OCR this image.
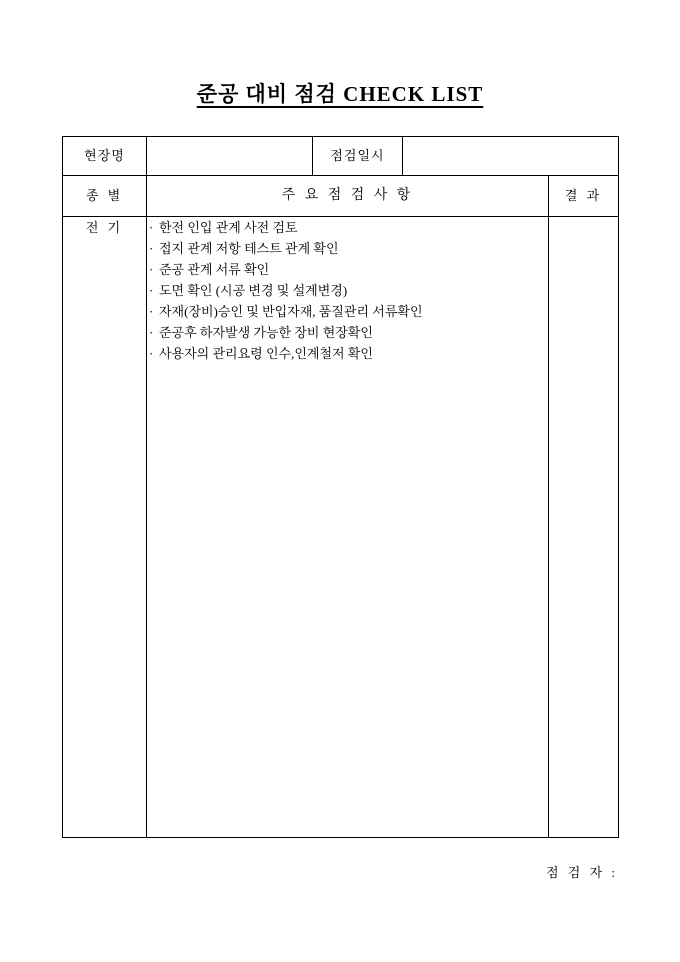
준공 대비 점검 CHECK LIST
현장명		점검일시		
종 별	주 요 점 검 사 항			결 과
전 기	
·한전 인입 관계 사전 검토
· 접지 관계 저항 테스트 관계 확인
· 준공 관계 서류 확인
· 도면 확인 (시공 변경 및 설계변경)
· 자재(장비)승인 및 반입자재, 품질관리 서류확인
· 준공후 하자발생 가능한 장비 현장확인
· 사용자의 관리요령 인수,인계철저 확인

점 검 자 :
